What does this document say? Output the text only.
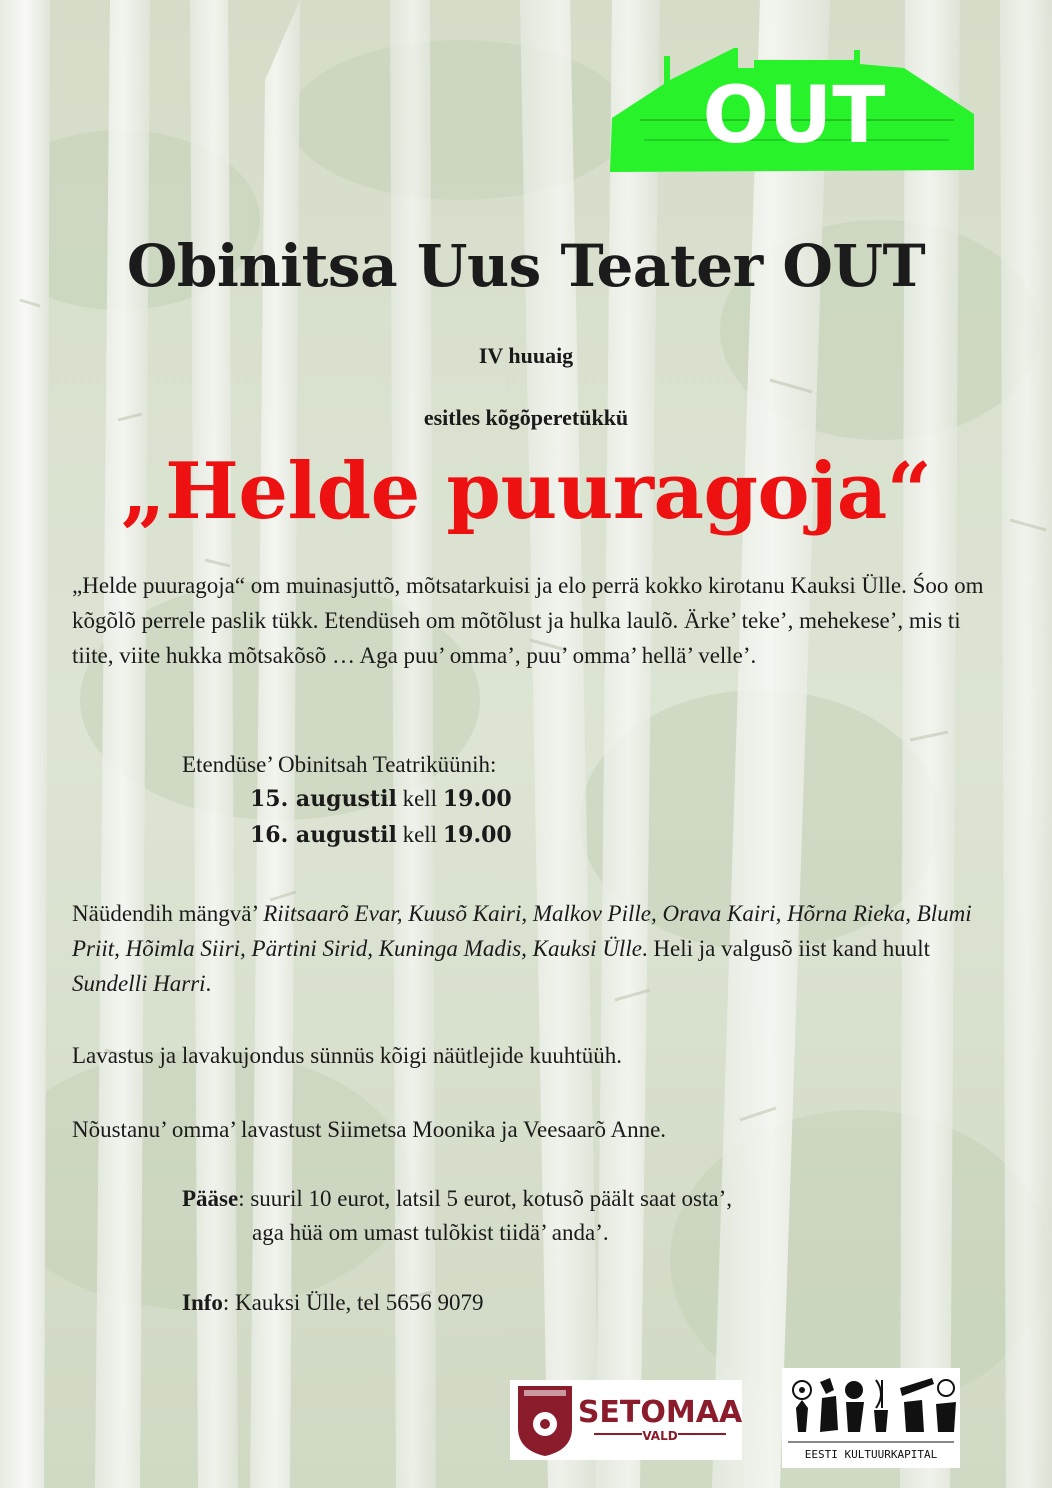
OUT
Obinitsa Uus Teater OUT
IV huuaig
esitles kõgõperetükkü
„Helde puuragoja“
„Helde puuragoja“ om muinasjuttõ, mõtsatarkuisi ja elo perrä kokko kirotanu Kauksi Ülle. Śoo om kõgõlõ perrele paslik tükk. Etendüseh om mõtõlust ja hulka laulõ. Ärke’ teke’, mehekese’, mis ti tiite, viite hukka mõtsakõsõ … Aga puu’ omma’, puu’ omma’ hellä’ velle’.
Etendüse’ Obinitsah Teatriküünih:
15. augustil kell 19.00
16. augustil kell 19.00
Näüdendih mängvä’ Riitsaarõ Evar, Kuusõ Kairi, Malkov Pille, Orava Kairi, Hõrna Rieka, Blumi Priit, Hõimla Siiri, Pärtini Sirid, Kuninga Madis, Kauksi Ülle. Heli ja valgusõ iist kand huult Sundelli Harri.
Lavastus ja lavakujondus sünnüs kõigi näütlejide kuuhtüüh.
Nõustanu’ omma’ lavastust Siimetsa Moonika ja Veesaarõ Anne.
Pääse: suuril 10 eurot, latsil 5 eurot, kotusõ päält saat osta’,
aga hüä om umast tulõkist tiidä’ anda’.
Info: Kauksi Ülle, tel 5656 9079
SETOMAA
VALD
EESTI KULTUURKAPITAL
